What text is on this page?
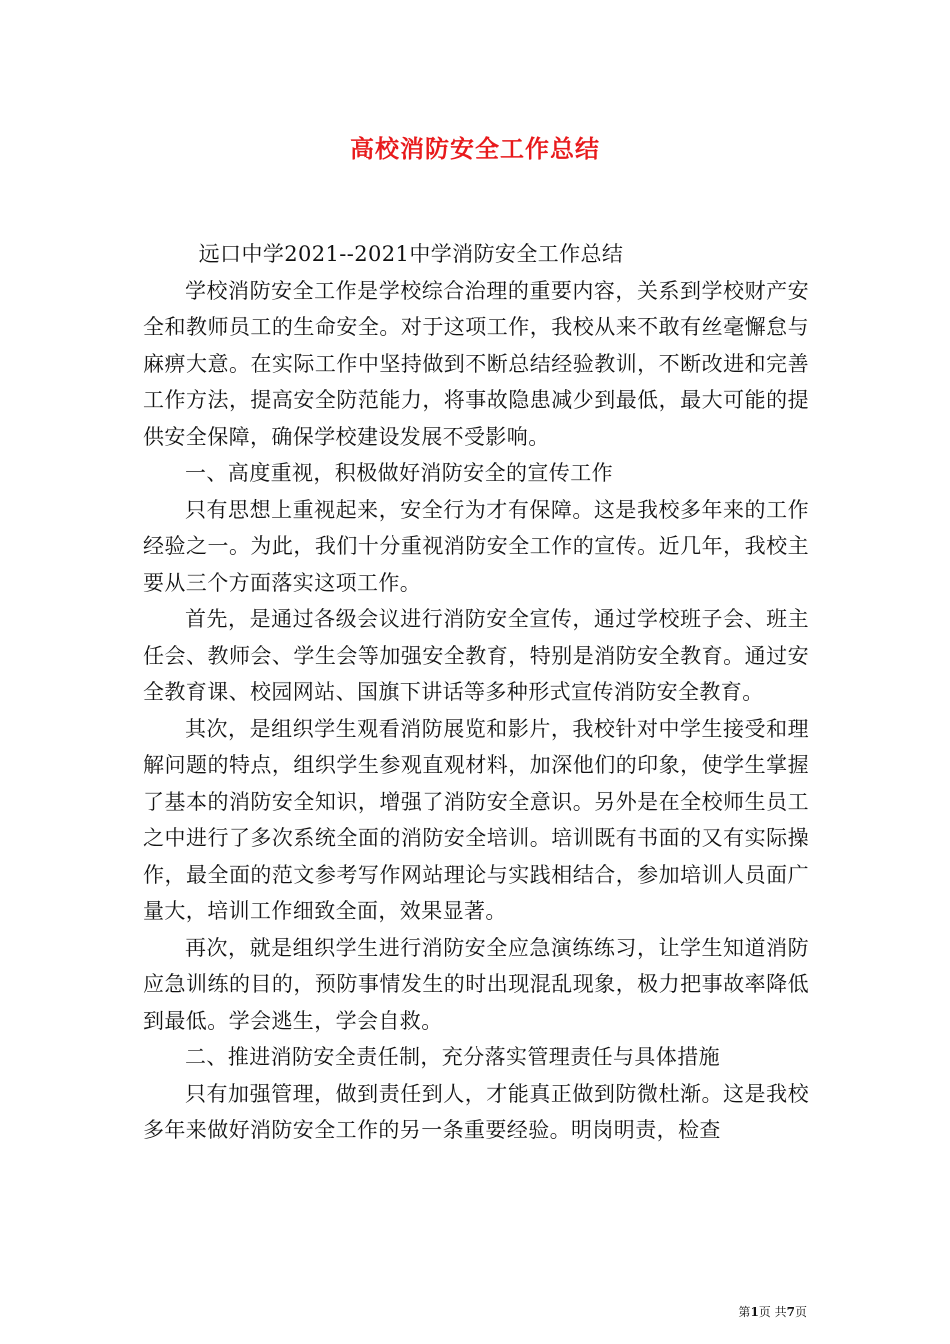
高校消防安全工作总结

远口中学2021--2021中学消防安全工作总结

学校消防安全工作是学校综合治理的重要内容，关系到学校财产安全和教师员工的生命安全。对于这项工作，我校从来不敢有丝毫懈怠与麻痹大意。在实际工作中坚持做到不断总结经验教训，不断改进和完善工作方法，提高安全防范能力，将事故隐患减少到最低，最大可能的提供安全保障，确保学校建设发展不受影响。

一、高度重视，积极做好消防安全的宣传工作

只有思想上重视起来，安全行为才有保障。这是我校多年来的工作经验之一。为此，我们十分重视消防安全工作的宣传。近几年，我校主要从三个方面落实这项工作。

首先，是通过各级会议进行消防安全宣传，通过学校班子会、班主任会、教师会、学生会等加强安全教育，特别是消防安全教育。通过安全教育课、校园网站、国旗下讲话等多种形式宣传消防安全教育。

其次，是组织学生观看消防展览和影片，我校针对中学生接受和理解问题的特点，组织学生参观直观材料，加深他们的印象，使学生掌握了基本的消防安全知识，增强了消防安全意识。另外是在全校师生员工之中进行了多次系统全面的消防安全培训。培训既有书面的又有实际操作，最全面的范文参考写作网站理论与实践相结合，参加培训人员面广量大，培训工作细致全面，效果显著。

再次，就是组织学生进行消防安全应急演练练习，让学生知道消防应急训练的目的，预防事情发生的时出现混乱现象，极力把事故率降低到最低。学会逃生，学会自救。

二、推进消防安全责任制，充分落实管理责任与具体措施

只有加强管理，做到责任到人，才能真正做到防微杜渐。这是我校多年来做好消防安全工作的另一条重要经验。明岗明责，检查

第1页 共7页
